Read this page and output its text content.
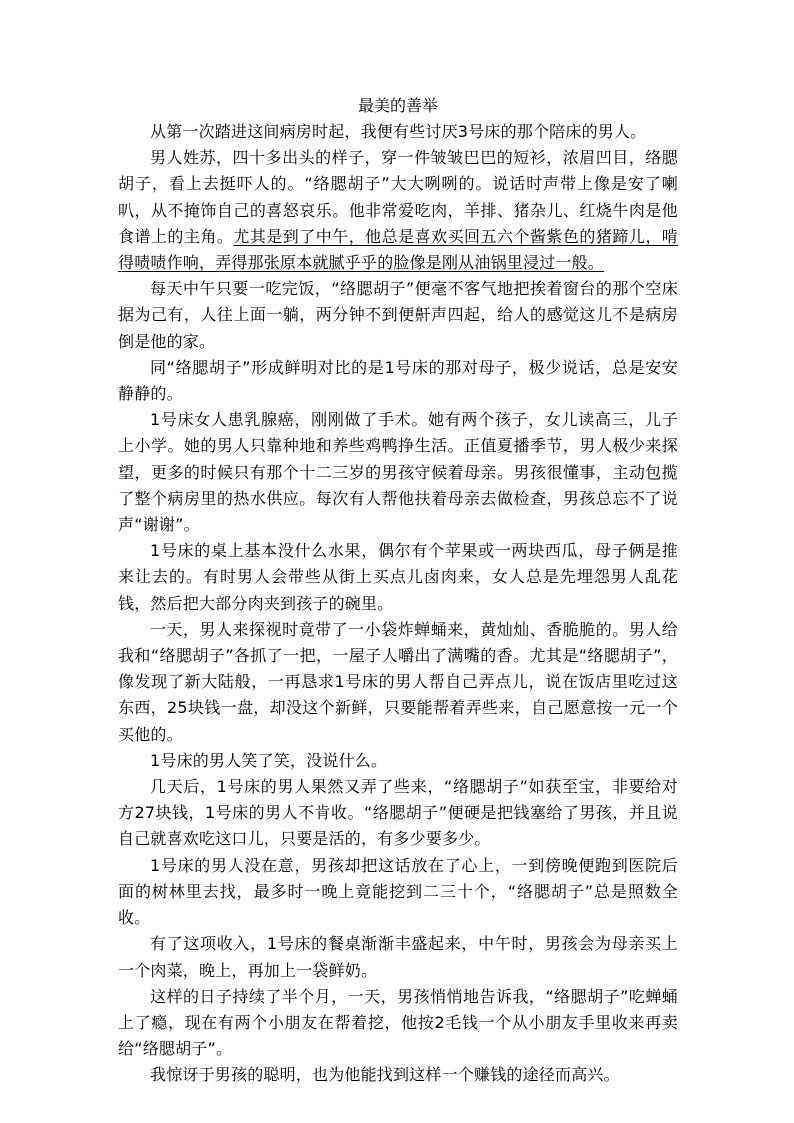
最美的善举

从第一次踏进这间病房时起，我便有些讨厌3号床的那个陪床的男人。

男人姓苏，四十多出头的样子，穿一件皱皱巴巴的短衫，浓眉凹目，络腮胡子，看上去挺吓人的。“络腮胡子”大大咧咧的。说话时声带上像是安了喇叭，从不掩饰自己的喜怒哀乐。他非常爱吃肉，羊排、猪杂儿、红烧牛肉是他食谱上的主角。尤其是到了中午，他总是喜欢买回五六个酱紫色的猪蹄儿，啃得啧啧作响，弄得那张原本就腻乎乎的脸像是刚从油锅里浸过一般。

每天中午只要一吃完饭，“络腮胡子”便毫不客气地把挨着窗台的那个空床据为己有，人往上面一躺，两分钟不到便鼾声四起，给人的感觉这儿不是病房倒是他的家。

同“络腮胡子”形成鲜明对比的是1号床的那对母子，极少说话，总是安安静静的。

1号床女人患乳腺癌，刚刚做了手术。她有两个孩子，女儿读高三，儿子上小学。她的男人只靠种地和养些鸡鸭挣生活。正值夏播季节，男人极少来探望，更多的时候只有那个十二三岁的男孩守候着母亲。男孩很懂事，主动包揽了整个病房里的热水供应。每次有人帮他扶着母亲去做检查，男孩总忘不了说声“谢谢”。

1号床的桌上基本没什么水果，偶尔有个苹果或一两块西瓜，母子俩是推来让去的。有时男人会带些从街上买点儿卤肉来，女人总是先埋怨男人乱花钱，然后把大部分肉夹到孩子的碗里。

一天，男人来探视时竟带了一小袋炸蝉蛹来，黄灿灿、香脆脆的。男人给我和“络腮胡子”各抓了一把，一屋子人嚼出了满嘴的香。尤其是“络腮胡子”，像发现了新大陆般，一再恳求1号床的男人帮自己弄点儿，说在饭店里吃过这东西，25块钱一盘，却没这个新鲜，只要能帮着弄些来，自己愿意按一元一个买他的。

1号床的男人笑了笑，没说什么。

几天后，1号床的男人果然又弄了些来，“络腮胡子”如获至宝，非要给对方27块钱，1号床的男人不肯收。“络腮胡子”便硬是把钱塞给了男孩，并且说自己就喜欢吃这口儿，只要是活的，有多少要多少。

1号床的男人没在意，男孩却把这话放在了心上，一到傍晚便跑到医院后面的树林里去找，最多时一晚上竟能挖到二三十个，“络腮胡子”总是照数全收。

有了这项收入，1号床的餐桌渐渐丰盛起来，中午时，男孩会为母亲买上一个肉菜，晚上，再加上一袋鲜奶。

这样的日子持续了半个月，一天，男孩悄悄地告诉我，“络腮胡子”吃蝉蛹上了瘾，现在有两个小朋友在帮着挖，他按2毛钱一个从小朋友手里收来再卖给“络腮胡子”。

我惊讶于男孩的聪明，也为他能找到这样一个赚钱的途径而高兴。
